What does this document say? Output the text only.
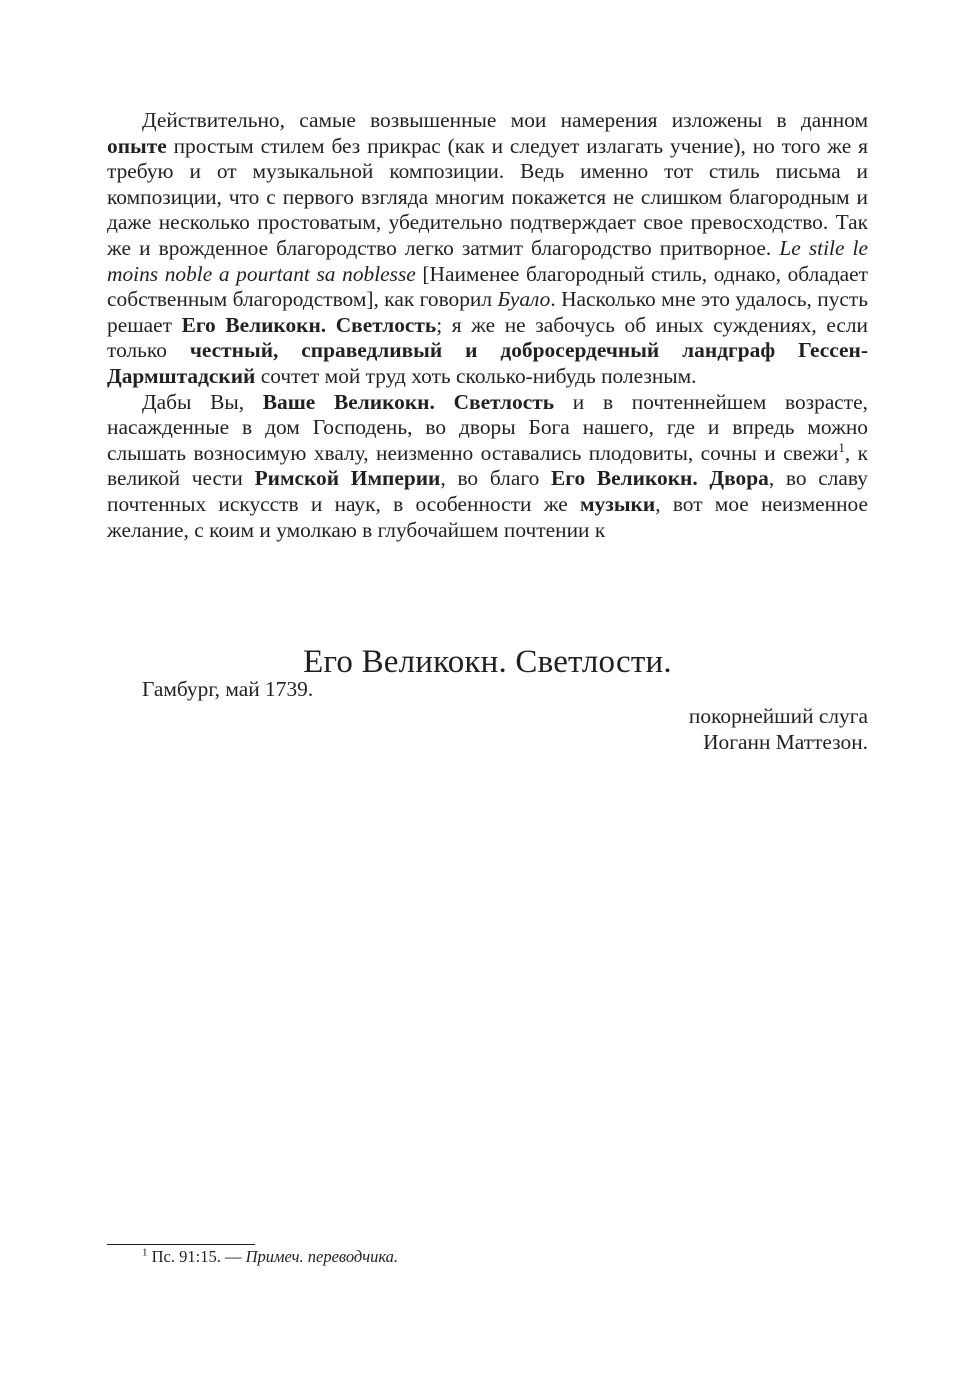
Действительно, самые возвышенные мои намерения изложены в данном опыте простым стилем без прикрас (как и следует излагать учение), но того же я требую и от музыкальной композиции. Ведь именно тот стиль письма и композиции, что с первого взгляда многим покажется не слишком благородным и даже несколько простоватым, убедительно подтверждает свое превосходство. Так же и врожденное благородство легко затмит благородство притворное. Le stile le moins noble a pourtant sa noblesse [Наименее благородный стиль, однако, обладает собственным благородством], как говорил Буало. Насколько мне это удалось, пусть решает Его Великокн. Светлость; я же не забочусь об иных суждениях, если только честный, справедливый и добросердечный ландграф Гессен-Дармштадский сочтет мой труд хоть сколько-нибудь полезным.

Дабы Вы, Ваше Великокн. Светлость и в почтеннейшем возрасте, насажденные в дом Господень, во дворы Бога нашего, где и впредь можно слышать возносимую хвалу, неизменно оставались плодовиты, сочны и свежи$^1$, к великой чести Римской Империи, во благо Его Великокн. Двора, во славу почтенных искусств и наук, в особенности же музыки, вот мое неизменное желание, с коим и умолкаю в глубочайшем почтении к

Его Великокн. Светлости.
Гамбург, май 1739.
покорнейший слуга
Иоганн Маттезон.
$^1$ Пс. 91:15. — Примеч. переводчика.
